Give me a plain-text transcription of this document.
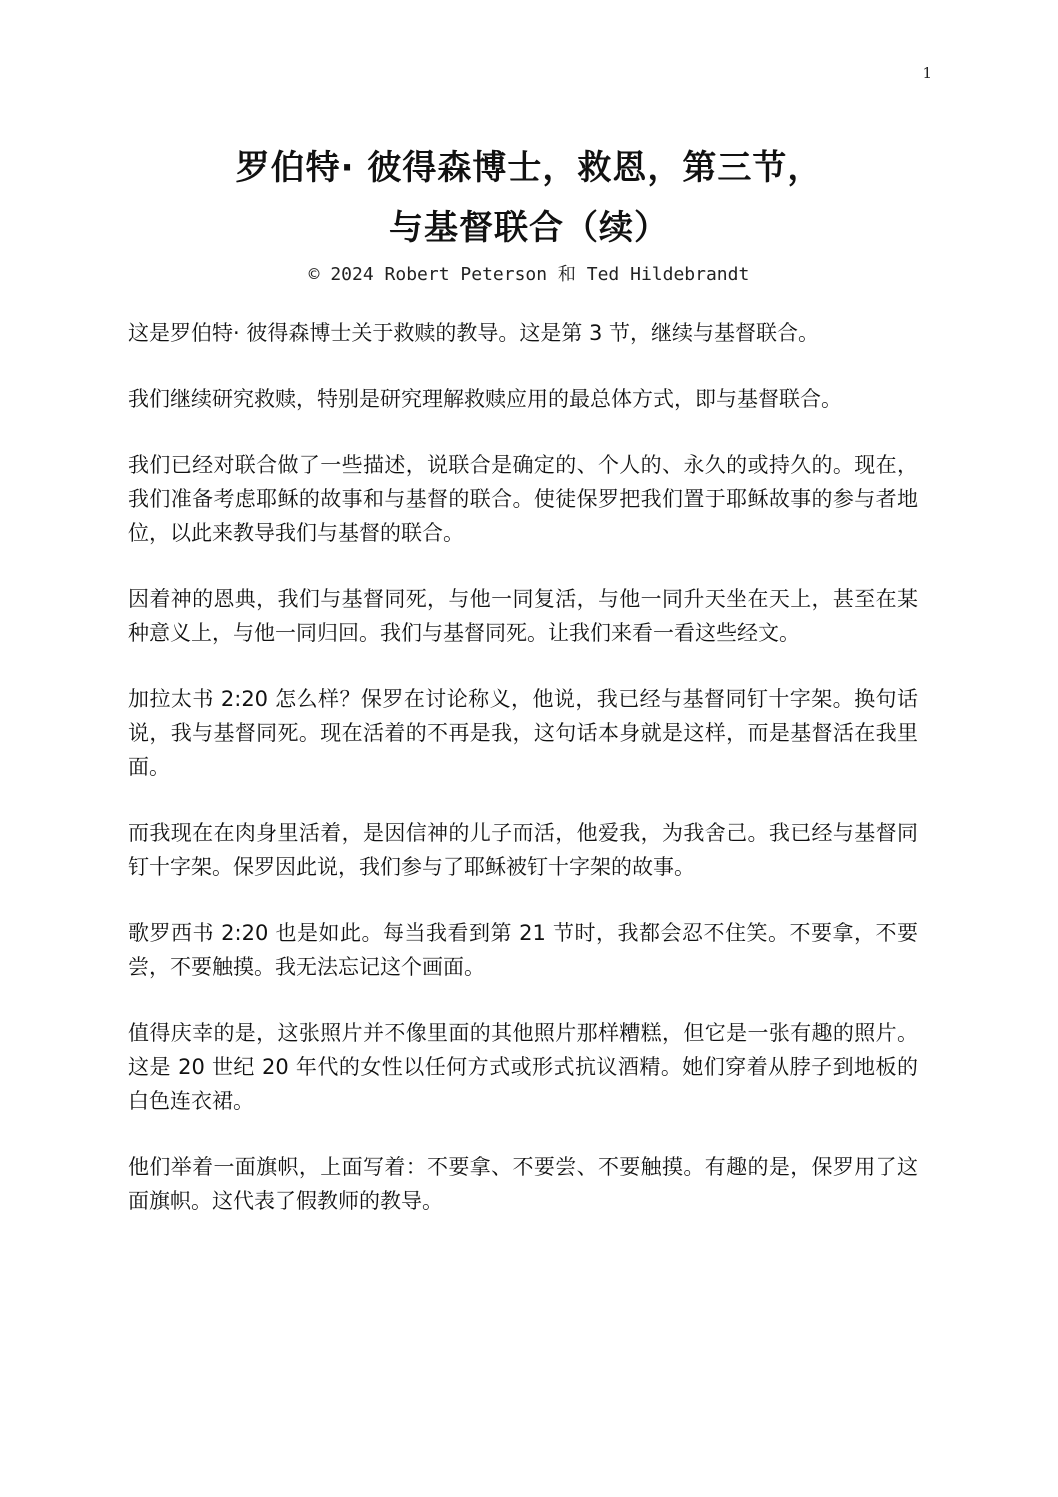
1
罗伯特· 彼得森博士，救恩，第三节，
与基督联合（续）
© 2024 Robert Peterson 和 Ted Hildebrandt

这是罗伯特· 彼得森博士关于救赎的教导。这是第 3 节，继续与基督联合。

我们继续研究救赎，特别是研究理解救赎应用的最总体方式，即与基督联合。

我们已经对联合做了一些描述，说联合是确定的、个人的、永久的或持久的。现在，我们准备考虑耶稣的故事和与基督的联合。使徒保罗把我们置于耶稣故事的参与者地位，以此来教导我们与基督的联合。

因着神的恩典，我们与基督同死，与他一同复活，与他一同升天坐在天上，甚至在某种意义上，与他一同归回。我们与基督同死。让我们来看一看这些经文。

加拉太书 2:20 怎么样？保罗在讨论称义，他说，我已经与基督同钉十字架。换句话说，我与基督同死。现在活着的不再是我，这句话本身就是这样，而是基督活在我里面。

而我现在在肉身里活着，是因信神的儿子而活，他爱我，为我舍己。我已经与基督同钉十字架。保罗因此说，我们参与了耶稣被钉十字架的故事。

歌罗西书 2:20 也是如此。每当我看到第 21 节时，我都会忍不住笑。不要拿，不要尝，不要触摸。我无法忘记这个画面。

值得庆幸的是，这张照片并不像里面的其他照片那样糟糕，但它是一张有趣的照片。这是 20 世纪 20 年代的女性以任何方式或形式抗议酒精。她们穿着从脖子到地板的白色连衣裙。

他们举着一面旗帜，上面写着：不要拿、不要尝、不要触摸。有趣的是，保罗用了这面旗帜。这代表了假教师的教导。
